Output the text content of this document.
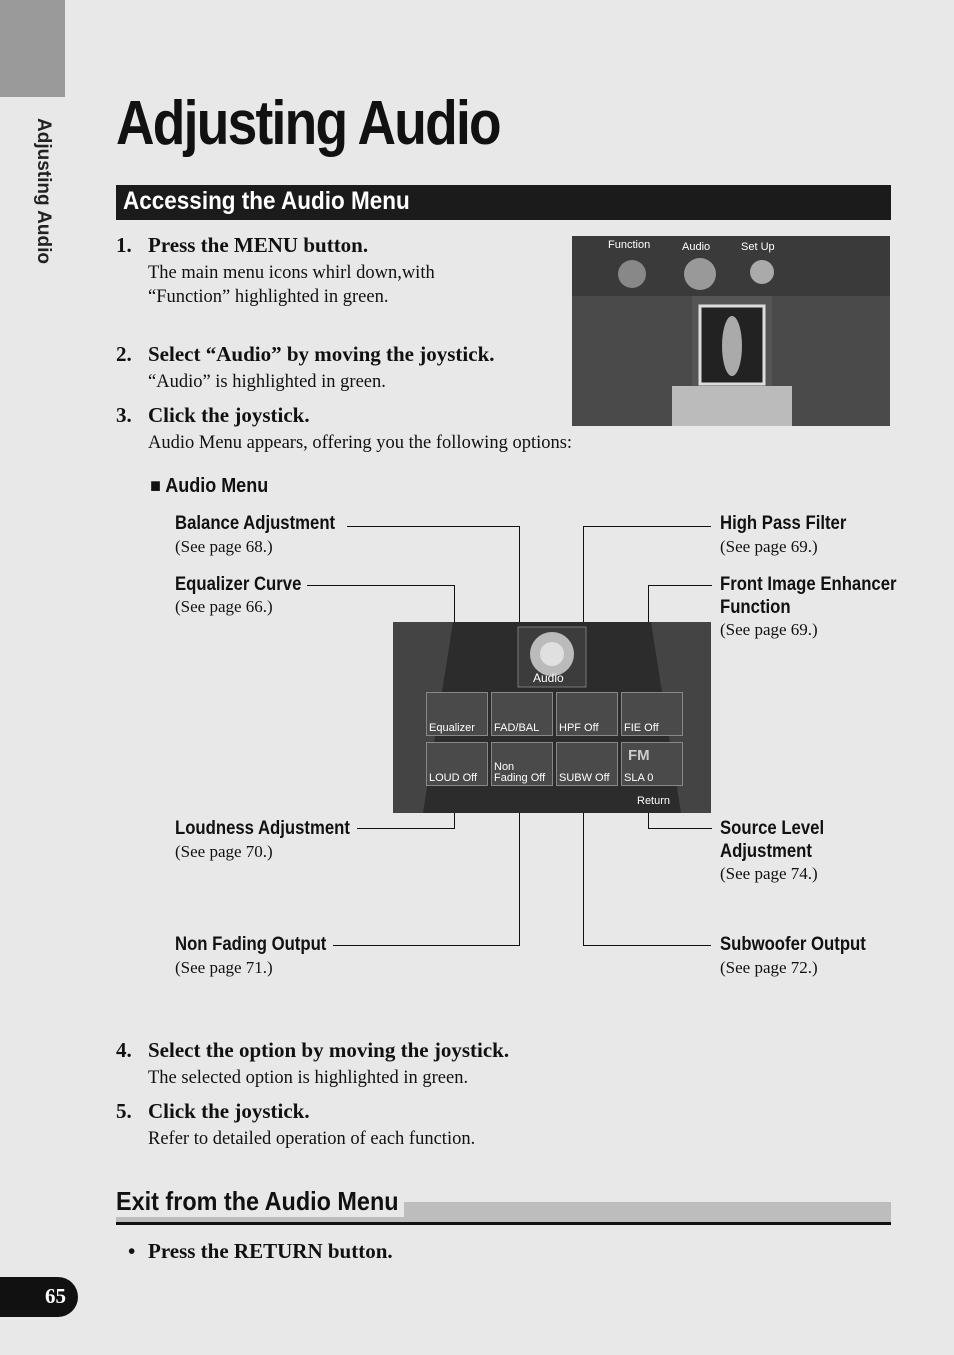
Adjusting Audio Adjusting Audio
Accessing the Audio Menu
1. Press the MENU button.
The main menu icons whirl down,with
“Function” highlighted in green.
2. Select “Audio” by moving the joystick.
“Audio” is highlighted in green.
3. Click the joystick.
Audio Menu appears, offering you the following options:
Function	Audio	Set Up
■ Audio Menu
Audio
Equalizer FAD/BAL HPF Off FIE Off
LOUD Off
Non Fading Off	SUBW Off SLA 0
FM
Return
Balance Adjustment
(See page 68.)
Equalizer Curve
(See page 66.)
Loudness Adjustment
(See page 70.)
Non Fading Output
(See page 71.)
High Pass Filter
(See page 69.)
Front Image Enhancer
Function
(See page 69.)
Source Level
Adjustment
(See page 74.)
Subwoofer Output
(See page 72.)
4. Select the option by moving the joystick.
The selected option is highlighted in green.
5. Click the joystick.
Refer to detailed operation of each function.
Exit from the Audio Menu
• Press the RETURN button.
65
